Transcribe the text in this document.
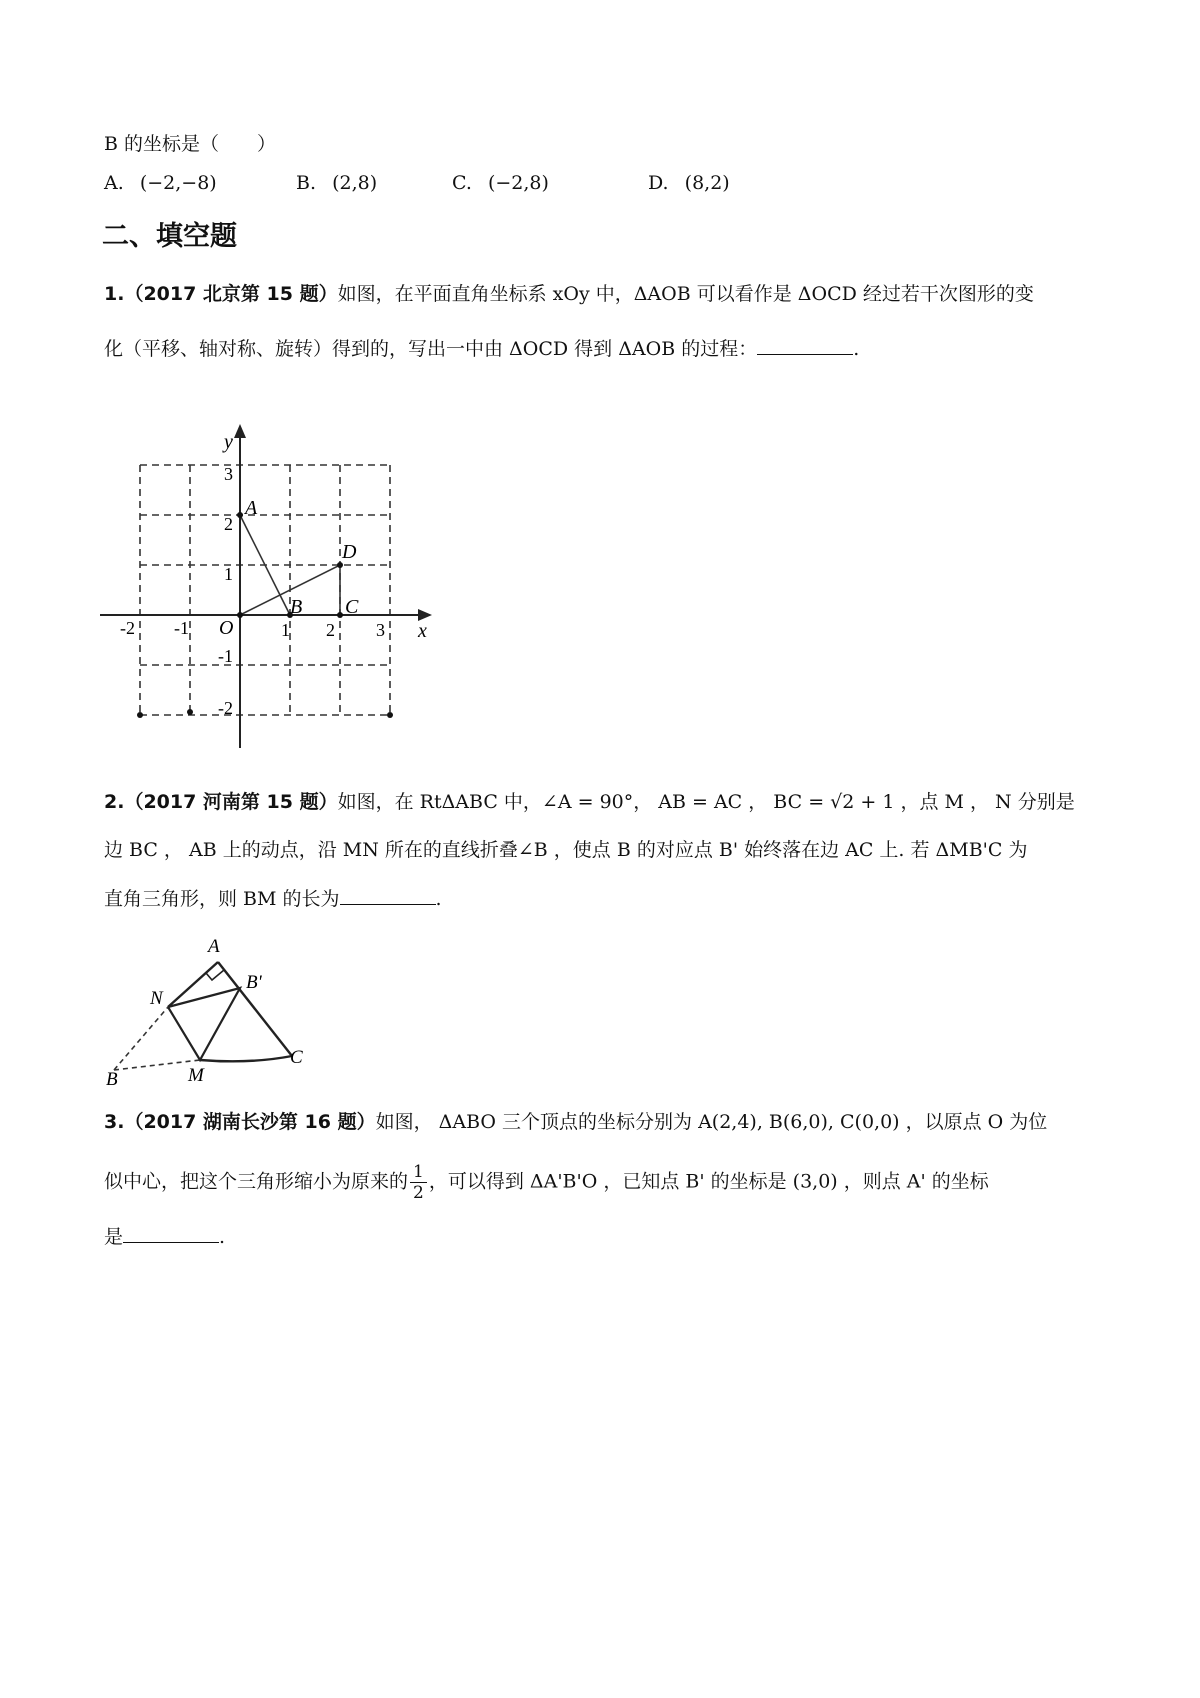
B 的坐标是（　　）
A. (−2,−8)	B. (2,8)	C. (−2,8)	D. (8,2)
二、填空题
1.（2017 北京第 15 题）如图，在平面直角坐标系 xOy 中，ΔAOB 可以看作是 ΔOCD 经过若干次图形的变
化（平移、轴对称、旋转）得到的，写出一中由 ΔOCD 得到 ΔAOB 的过程：	.
y
x
O
A
B C
D
-2 -1	1 2 3
3
2
1
-1
-2
2.（2017 河南第 15 题）如图，在 RtΔABC 中，∠A = 90°， AB = AC ， BC = √2 + 1 ，点 M ， N 分别是
边 BC ， AB 上的动点，沿 MN 所在的直线折叠∠B ，使点 B 的对应点 B' 始终落在边 AC 上. 若 ΔMB'C 为
直角三角形，则 BM 的长为	.
A
B'
N
B	M
C
3.（2017 湖南长沙第 16 题）如图， ΔABO 三个顶点的坐标分别为 A(2,4), B(6,0), C(0,0) ，以原点 O 为位
似中心，把这个三角形缩小为原来的 $\frac{1}{2}$ ，可以得到 ΔA'B'O ，已知点 B' 的坐标是 (3,0) ，则点 A' 的坐标
是	.
